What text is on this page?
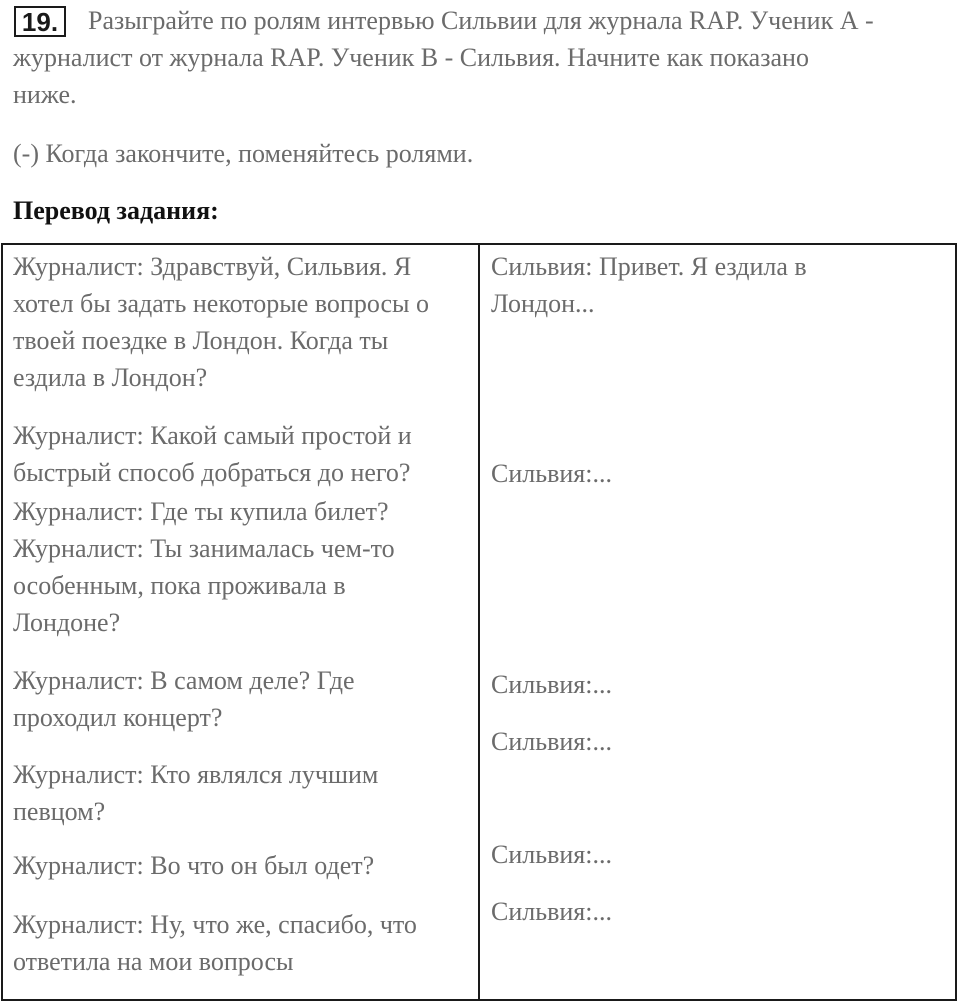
19. Разыграйте по ролям интервью Сильвии для журнала RAP. Ученик А -
журналист от журнала RAP. Ученик B - Сильвия. Начните как показано
ниже.
(-) Когда закончите, поменяйтесь ролями.
Перевод задания:
Журналист: Здравствуй, Сильвия. Я
хотел бы задать некоторые вопросы о
твоей поездке в Лондон. Когда ты
ездила в Лондон?
Журналист: Какой самый простой и
быстрый способ добраться до него?
Журналист: Где ты купила билет?
Журналист: Ты занималась чем-то
особенным, пока проживала в
Лондоне?
Журналист: В самом деле? Где
проходил концерт?
Журналист: Кто являлся лучшим
певцом?
Журналист: Во что он был одет?
Журналист: Ну, что же, спасибо, что
ответила на мои вопросы
Сильвия: Привет. Я ездила в
Лондон...
Сильвия:...
Сильвия:...
Сильвия:...
Сильвия:...
Сильвия:...
